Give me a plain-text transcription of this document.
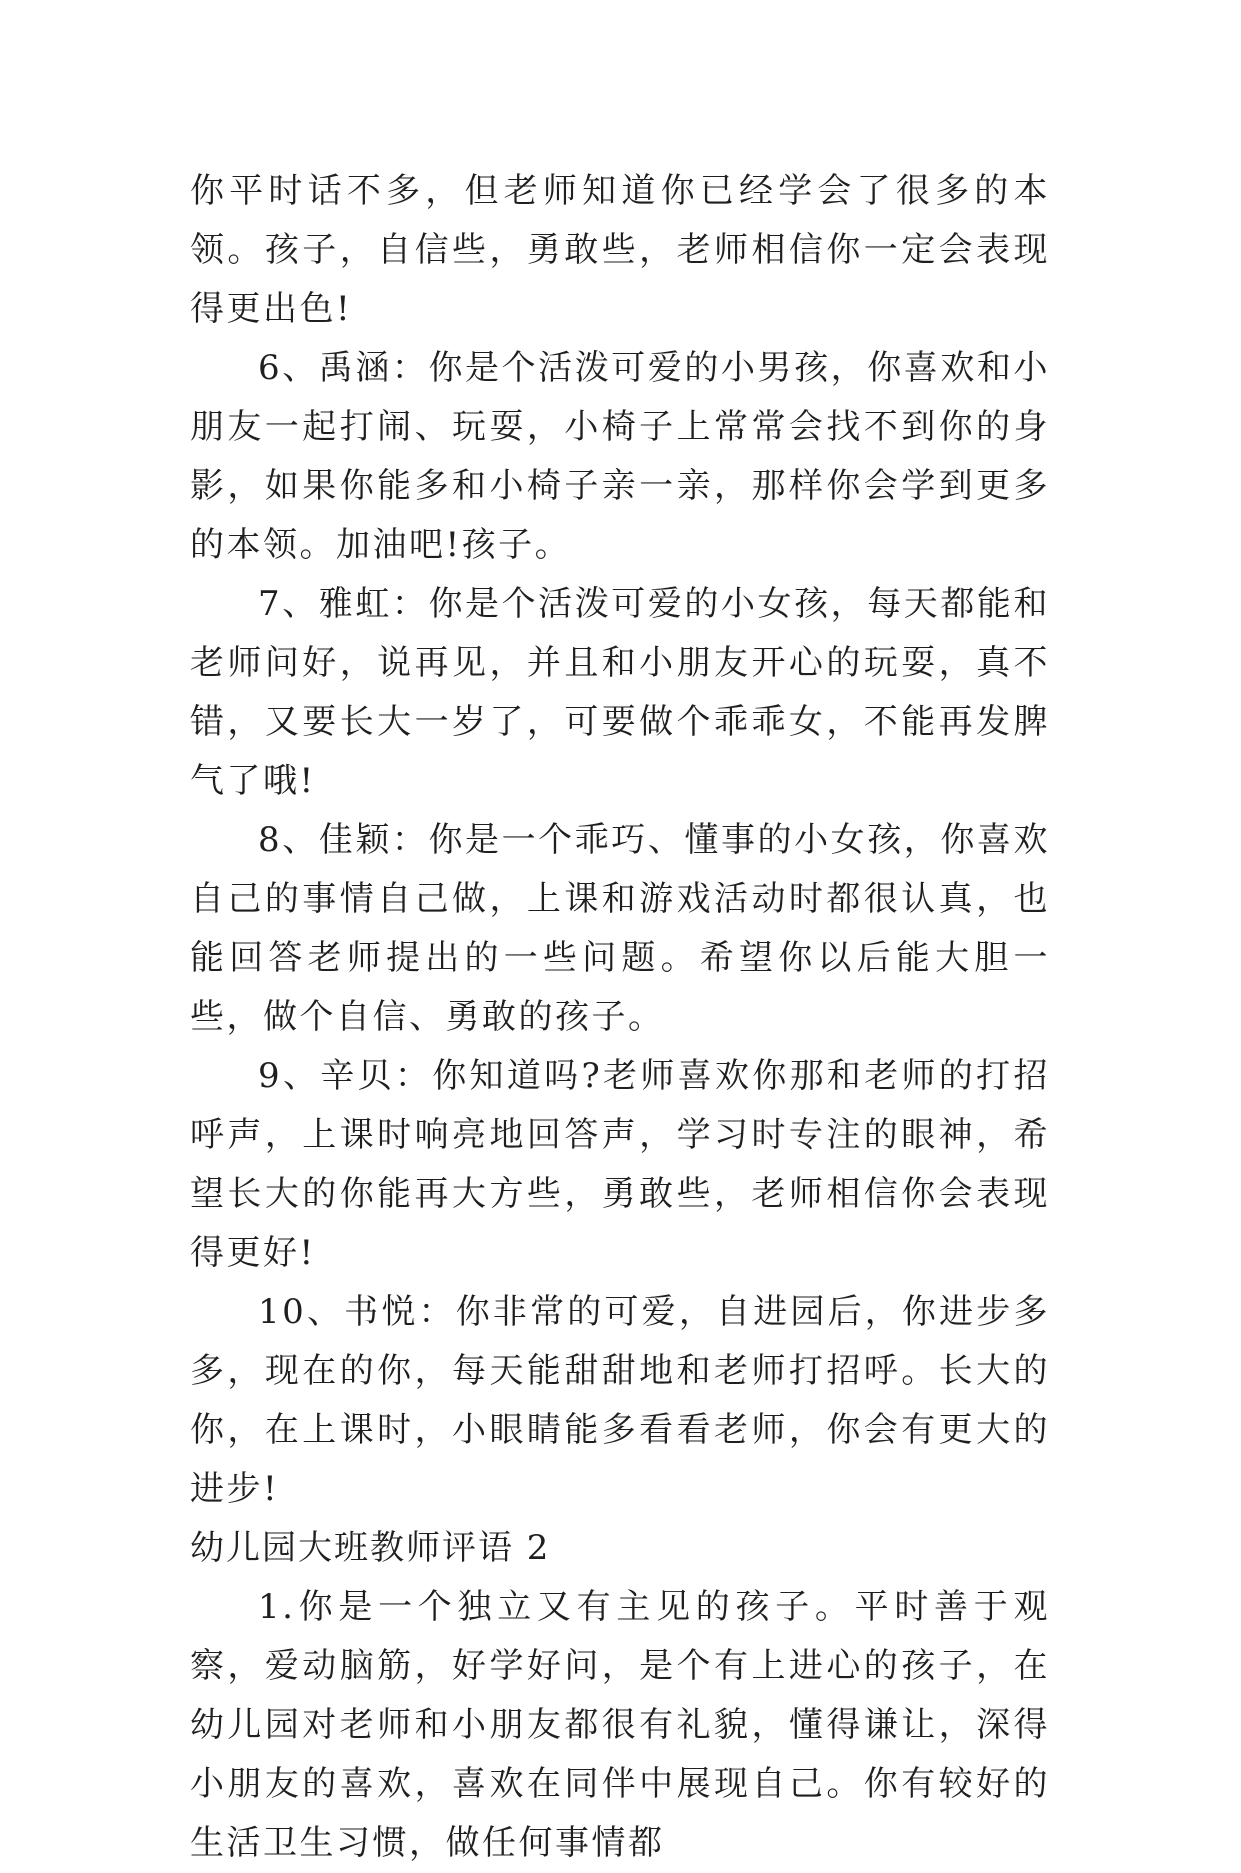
你平时话不多，但老师知道你已经学会了很多的本领。孩子，自信些，勇敢些，老师相信你一定会表现得更出色!

6、禹涵：你是个活泼可爱的小男孩，你喜欢和小朋友一起打闹、玩耍，小椅子上常常会找不到你的身影，如果你能多和小椅子亲一亲，那样你会学到更多的本领。加油吧!孩子。

7、雅虹：你是个活泼可爱的小女孩，每天都能和老师问好，说再见，并且和小朋友开心的玩耍，真不错，又要长大一岁了，可要做个乖乖女，不能再发脾气了哦!

8、佳颖：你是一个乖巧、懂事的小女孩，你喜欢自己的事情自己做，上课和游戏活动时都很认真，也能回答老师提出的一些问题。希望你以后能大胆一些，做个自信、勇敢的孩子。

9、辛贝：你知道吗?老师喜欢你那和老师的打招呼声，上课时响亮地回答声，学习时专注的眼神，希望长大的你能再大方些，勇敢些，老师相信你会表现得更好!

10、书悦：你非常的可爱，自进园后，你进步多多，现在的你，每天能甜甜地和老师打招呼。长大的你，在上课时，小眼睛能多看看老师，你会有更大的进步!

幼儿园大班教师评语 2

1.你是一个独立又有主见的孩子。平时善于观察，爱动脑筋，好学好问，是个有上进心的孩子，在幼儿园对老师和小朋友都很有礼貌，懂得谦让，深得小朋友的喜欢，喜欢在同伴中展现自己。你有较好的生活卫生习惯，做任何事情都
